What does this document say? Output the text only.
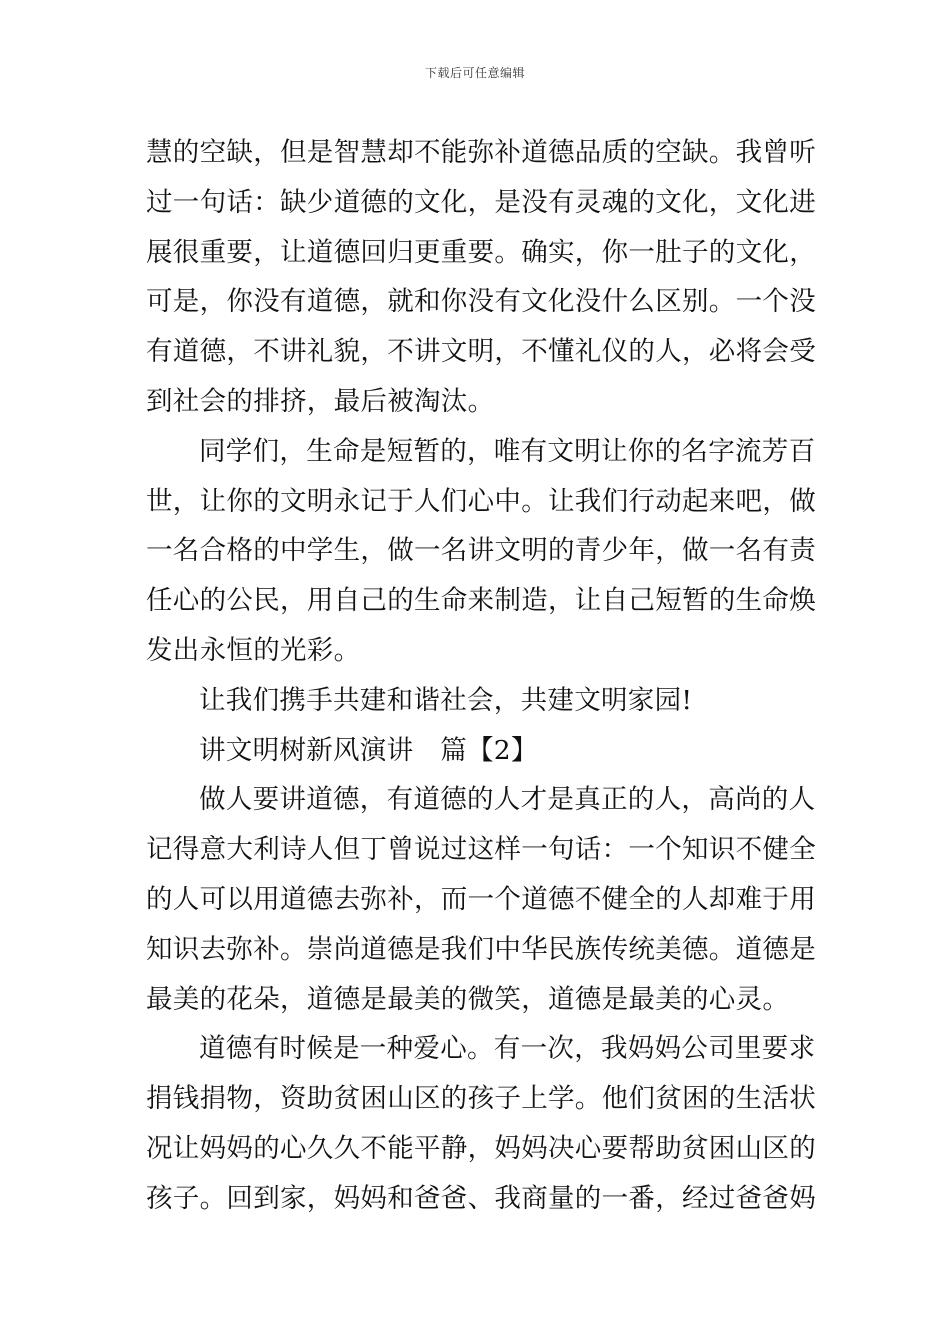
下载后可任意编辑
慧的空缺，但是智慧却不能弥补道德品质的空缺。我曾听
过一句话：缺少道德的文化，是没有灵魂的文化，文化进
展很重要，让道德回归更重要。确实，你一肚子的文化，
可是，你没有道德，就和你没有文化没什么区别。一个没
有道德，不讲礼貌，不讲文明，不懂礼仪的人，必将会受
到社会的排挤，最后被淘汰。
同学们，生命是短暂的，唯有文明让你的名字流芳百
世，让你的文明永记于人们心中。让我们行动起来吧，做
一名合格的中学生，做一名讲文明的青少年，做一名有责
任心的公民，用自己的生命来制造，让自己短暂的生命焕
发出永恒的光彩。
让我们携手共建和谐社会，共建文明家园!
讲文明树新风演讲　篇【2】
做人要讲道德，有道德的人才是真正的人，高尚的人
记得意大利诗人但丁曾说过这样一句话：一个知识不健全
的人可以用道德去弥补，而一个道德不健全的人却难于用
知识去弥补。崇尚道德是我们中华民族传统美德。道德是
最美的花朵，道德是最美的微笑，道德是最美的心灵。
道德有时候是一种爱心。有一次，我妈妈公司里要求
捐钱捐物，资助贫困山区的孩子上学。他们贫困的生活状
况让妈妈的心久久不能平静，妈妈决心要帮助贫困山区的
孩子。回到家，妈妈和爸爸、我商量的一番，经过爸爸妈
